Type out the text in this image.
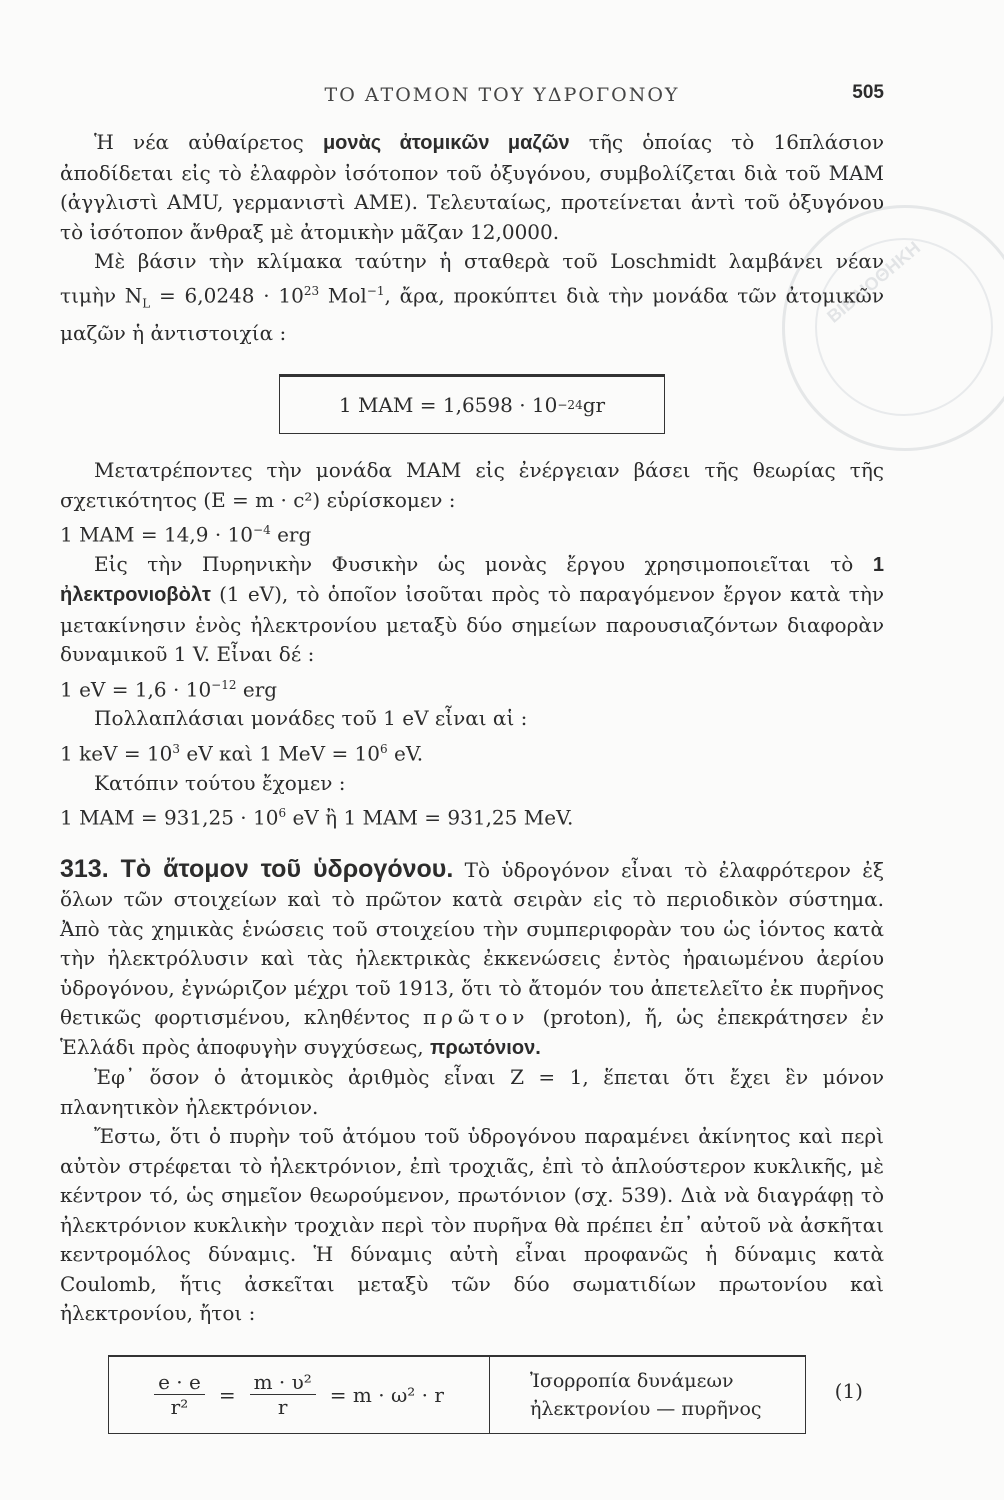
ΒΙΒΛΙΟΘΗΚΗ
ΤΟ ΑΤΟΜΟΝ ΤΟΥ ΥΔΡΟΓΟΝΟΥ	505

Ἡ νέα αὐθαίρετος μονὰς ἀτομικῶν μαζῶν τῆς ὁποίας τὸ 16πλάσιον ἀποδίδεται εἰς τὸ ἐλαφρὸν ἰσότοπον τοῦ ὀξυγόνου, συμβολίζεται διὰ τοῦ ΜΑΜ (ἀγγλιστὶ AMU, γερμανιστὶ AME). Τελευταίως, προτείνεται ἀντὶ τοῦ ὀξυγόνου τὸ ἰσότοπον ἄνθραξ μὲ ἀτομικὴν μᾶζαν 12,0000.

Μὲ βάσιν τὴν κλίμακα ταύτην ἡ σταθερὰ τοῦ Loschmidt λαμβάνει νέαν τιμὴν $N_L = 6,0248 \cdot 10^{23}$ Mol$^{-1}$, ἄρα, προκύπτει διὰ τὴν μονάδα τῶν ἀτομικῶν μαζῶν ἡ ἀντιστοιχία :

1 ΜΑΜ = 1,6598 · 10 −24 gr

Μετατρέποντες τὴν μονάδα ΜΑΜ εἰς ἐνέργειαν βάσει τῆς θεωρίας τῆς σχετικότητος (E = m · c²) εὑρίσκομεν :

1 $MAM = 14,9 \cdot 10^{-4}$ erg

Εἰς τὴν Πυρηνικὴν Φυσικὴν ὡς μονὰς ἔργου χρησιμοποιεῖται τὸ 1 ἠλεκτρονιοβὸλτ (1 eV), τὸ ὁποῖον ἰσοῦται πρὸς τὸ παραγόμενον ἔργον κατὰ τὴν μετακίνησιν ἑνὸς ἠλεκτρονίου μεταξὺ δύο σημείων παρουσιαζόντων διαφορὰν δυναμικοῦ 1 V. Εἶναι δέ :

1 eV = $1,6 \cdot 10^{-12}$ erg

Πολλαπλάσιαι μονάδες τοῦ 1 eV εἶναι αἱ :

1 keV = $10^3$ eV καὶ 1 MeV = $10^6$ eV.

Κατόπιν τούτου ἔχομεν :

1 $MAM = 931,25 \cdot 10^6$ eV ἢ 1 ΜΑΜ = 931,25 MeV.

313. Τὸ ἄτομον τοῦ ὑδρογόνου. Τὸ ὑδρογόνον εἶναι τὸ ἐλαφρότερον ἐξ ὅλων τῶν στοιχείων καὶ τὸ πρῶτον κατὰ σειρὰν εἰς τὸ περιοδικὸν σύστημα. Ἀπὸ τὰς χημικὰς ἑνώσεις τοῦ στοιχείου τὴν συμπεριφορὰν του ὡς ἰόντος κατὰ τὴν ἠλεκτρόλυσιν καὶ τὰς ἠλεκτρικὰς ἐκκενώσεις ἐντὸς ἠραιωμένου ἀερίου ὑδρογόνου, ἐγνώριζον μέχρι τοῦ 1913, ὅτι τὸ ἄτομόν του ἀπετελεῖτο ἐκ πυρῆνος θετικῶς φορτισμένου, κληθέντος πρῶτον (proton), ἤ, ὡς ἐπεκράτησεν ἐν Ἑλλάδι πρὸς ἀποφυγὴν συγχύσεως, πρωτόνιον.

Ἐφ᾿ ὅσον ὁ ἀτομικὸς ἀριθμὸς εἶναι Z = 1, ἕπεται ὅτι ἔχει ἓν μόνον πλανητικὸν ἠλεκτρόνιον.

Ἔστω, ὅτι ὁ πυρὴν τοῦ ἀτόμου τοῦ ὑδρογόνου παραμένει ἀκίνητος καὶ περὶ αὐτὸν στρέφεται τὸ ἠλεκτρόνιον, ἐπὶ τροχιᾶς, ἐπὶ τὸ ἁπλούστερον κυκλικῆς, μὲ κέντρον τό, ὡς σημεῖον θεωρούμενον, πρωτόνιον (σχ. 539). Διὰ νὰ διαγράφῃ τὸ ἠλεκτρόνιον κυκλικὴν τροχιὰν περὶ τὸν πυρῆνα θὰ πρέπει ἐπ᾿ αὐτοῦ νὰ ἀσκῆται κεντρομόλος δύναμις. Ἡ δύναμις αὐτὴ εἶναι προφανῶς ἡ δύναμις κατὰ Coulomb, ἥτις ἀσκεῖται μεταξὺ τῶν δύο σωματιδίων πρωτονίου καὶ ἠλεκτρονίου, ἤτοι :

$\frac{e \cdot e}{\text{r²}} = \frac{\text{m · υ²}}{r} = m \cdot \omega^2 \cdot r$
Ἰσορροπία δυνάμεων
ἠλεκτρονίου — πυρῆνος
(1)
